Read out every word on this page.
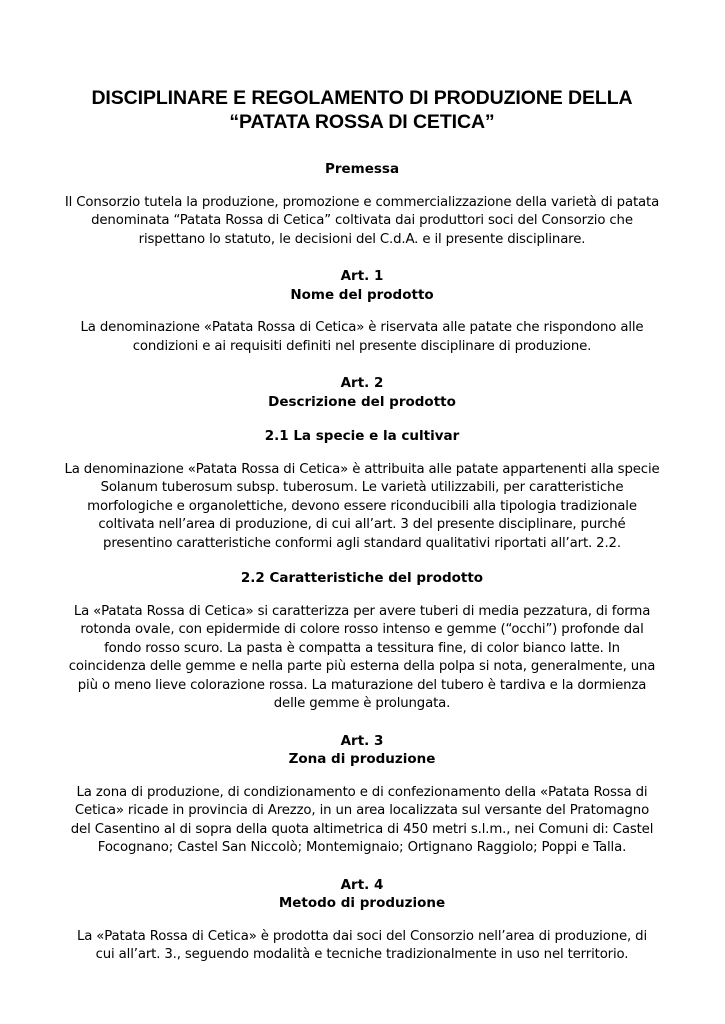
DISCIPLINARE E REGOLAMENTO DI PRODUZIONE DELLA
“PATATA ROSSA DI CETICA”
Premessa
Il Consorzio tutela la produzione, promozione e commercializzazione della varietà di patata
denominata “Patata Rossa di Cetica” coltivata dai produttori soci del Consorzio che
rispettano lo statuto, le decisioni del C.d.A. e il presente disciplinare.
Art. 1
Nome del prodotto
La denominazione «Patata Rossa di Cetica» è riservata alle patate che rispondono alle
condizioni e ai requisiti definiti nel presente disciplinare di produzione.
Art. 2
Descrizione del prodotto
2.1 La specie e la cultivar
La denominazione «Patata Rossa di Cetica» è attribuita alle patate appartenenti alla specie
Solanum tuberosum subsp. tuberosum. Le varietà utilizzabili, per caratteristiche
morfologiche e organolettiche, devono essere riconducibili alla tipologia tradizionale
coltivata nell’area di produzione, di cui all’art. 3 del presente disciplinare, purché
presentino caratteristiche conformi agli standard qualitativi riportati all’art. 2.2.
2.2 Caratteristiche del prodotto
La «Patata Rossa di Cetica» si caratterizza per avere tuberi di media pezzatura, di forma
rotonda ovale, con epidermide di colore rosso intenso e gemme (“occhi”) profonde dal
fondo rosso scuro. La pasta è compatta a tessitura fine, di color bianco latte. In
coincidenza delle gemme e nella parte più esterna della polpa si nota, generalmente, una
più o meno lieve colorazione rossa. La maturazione del tubero è tardiva e la dormienza
delle gemme è prolungata.
Art. 3
Zona di produzione
La zona di produzione, di condizionamento e di confezionamento della «Patata Rossa di
Cetica» ricade in provincia di Arezzo, in un area localizzata sul versante del Pratomagno
del Casentino al di sopra della quota altimetrica di 450 metri s.l.m., nei Comuni di: Castel
Focognano; Castel San Niccolò; Montemignaio; Ortignano Raggiolo; Poppi e Talla.
Art. 4
Metodo di produzione
La «Patata Rossa di Cetica» è prodotta dai soci del Consorzio nell’area di produzione, di
cui all’art. 3., seguendo modalità e tecniche tradizionalmente in uso nel territorio.
